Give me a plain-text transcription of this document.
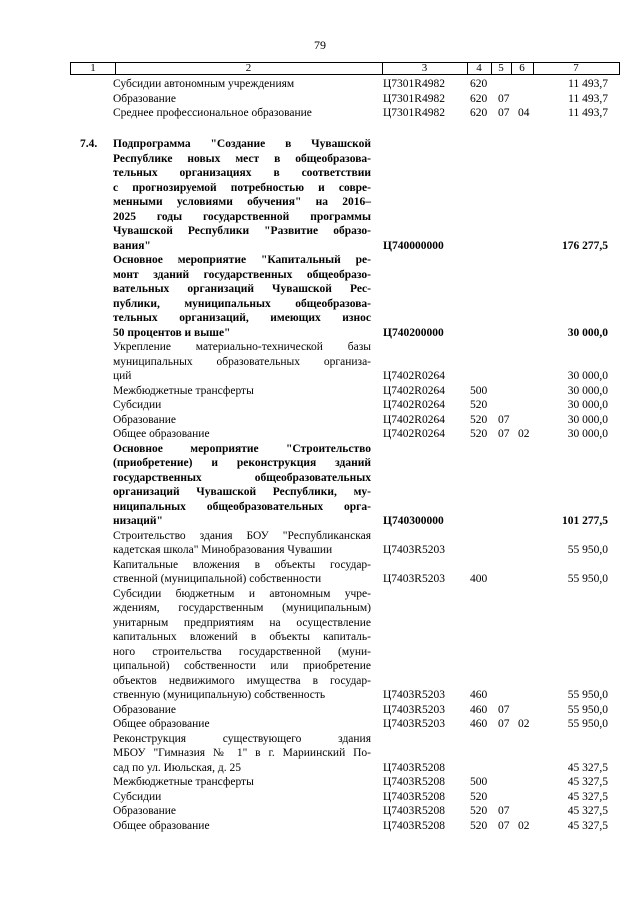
79
1	2	3	4	5	6	7
Субсидии автономным учреждениям	Ц7301R4982 620	11 493,7
Образование	Ц7301R4982 620 07	11 493,7
Среднее профессиональное образование	Ц7301R4982 620 07 04	11 493,7
7.4. Подпрограмма "Создание в Чувашской
Республике новых мест в общеобразова-
тельных организациях в соответствии
с прогнозируемой потребностью и совре-
менными условиями обучения" на 2016–
2025 годы государственной программы
Чувашской Республики "Развитие образо-
вания"	Ц740000000	176 277,5
Основное мероприятие "Капитальный ре-
монт зданий государственных общеобразо-
вательных организаций Чувашской Рес-
публики, муниципальных общеобразова-
тельных организаций, имеющих износ
50 процентов и выше"	Ц740200000	30 000,0
Укрепление материально-технической базы
муниципальных образовательных организа-
ций	Ц7402R0264	30 000,0
Межбюджетные трансферты	Ц7402R0264 500	30 000,0
Субсидии	Ц7402R0264 520	30 000,0
Образование	Ц7402R0264 520 07	30 000,0
Общее образование	Ц7402R0264 520 07 02	30 000,0
Основное мероприятие "Строительство
(приобретение) и реконструкция зданий
государственных общеобразовательных
организаций Чувашской Республики, му-
ниципальных общеобразовательных орга-
низаций"	Ц740300000	101 277,5
Строительство здания БОУ "Республиканская
кадетская школа" Минобразования Чувашии	Ц7403R5203	55 950,0
Капитальные вложения в объекты государ-
ственной (муниципальной) собственности	Ц7403R5203 400	55 950,0
Субсидии бюджетным и автономным учре-
ждениям, государственным (муниципальным)
унитарным предприятиям на осуществление
капитальных вложений в объекты капиталь-
ного строительства государственной (муни-
ципальной) собственности или приобретение
объектов недвижимого имущества в государ-
ственную (муниципальную) собственность	Ц7403R5203 460	55 950,0
Образование	Ц7403R5203 460 07	55 950,0
Общее образование	Ц7403R5203 460 07 02	55 950,0
Реконструкция существующего здания
МБОУ "Гимназия № 1" в г. Мариинский По-
сад по ул. Июльская, д. 25	Ц7403R5208	45 327,5
Межбюджетные трансферты	Ц7403R5208 500	45 327,5
Субсидии	Ц7403R5208 520	45 327,5
Образование	Ц7403R5208 520 07	45 327,5
Общее образование	Ц7403R5208 520 07 02	45 327,5
